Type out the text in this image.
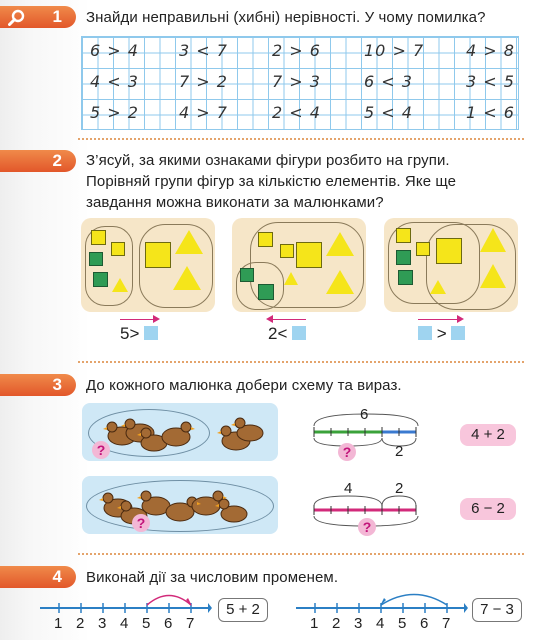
1 Знайди неправильні (хибні) нерівності. У чому помилка?
6 > 4	3 < 7	2 > 6	10 > 7	4 > 8
4 < 3	7 > 2	7 > 3	6 < 3	3 < 5
5 > 2	4 > 7	2 < 4	5 < 4	1 < 6
2 З’ясуй, за якими ознаками фігури розбито на групи.
Порівняй групи фігур за кількістю елементів. Яке ще
завдання можна виконати за малюнками?
5>	2<	>
3 До кожного малюнка добери схему та вираз.
?
?
6
2
?
4 + 2
4	2
?
6 − 2
4 Виконай дії за числовим променем.
1 2 3 4 5 6 7
5 + 2
1 2 3 4 5 6 7
7 − 3
